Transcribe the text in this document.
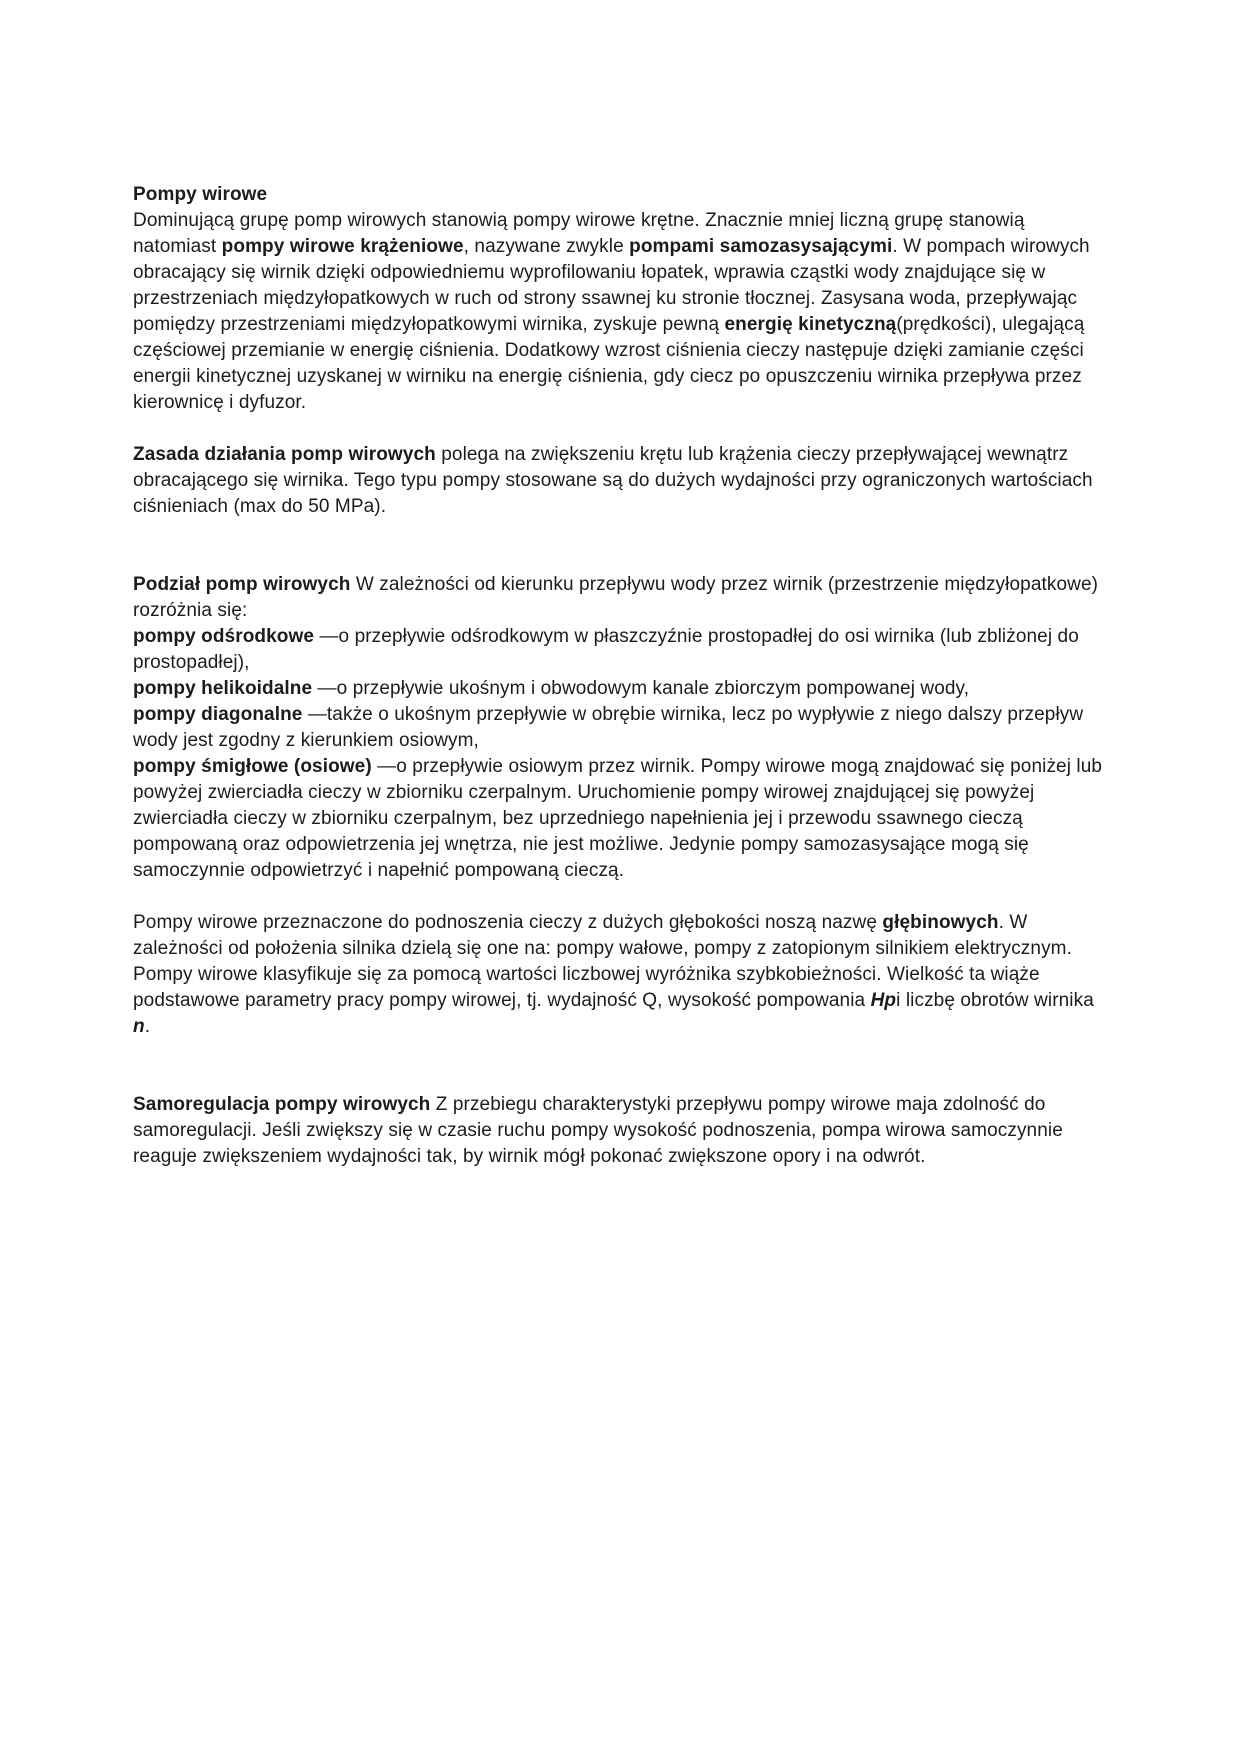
Pompy wirowe

Dominującą grupę pomp wirowych stanowią pompy wirowe krętne. Znacznie mniej liczną grupę stanowią natomiast pompy wirowe krążeniowe, nazywane zwykle pompami samozasysającymi. W pompach wirowych obracający się wirnik dzięki odpowiedniemu wyprofilowaniu łopatek, wprawia cząstki wody znajdujące się w przestrzeniach międzyłopatkowych w ruch od strony ssawnej ku stronie tłocznej. Zasysana woda, przepływając pomiędzy przestrzeniami międzyłopatkowymi wirnika, zyskuje pewną energię kinetyczną(prędkości), ulegającą częściowej przemianie w energię ciśnienia. Dodatkowy wzrost ciśnienia cieczy następuje dzięki zamianie części energii kinetycznej uzyskanej w wirniku na energię ciśnienia, gdy ciecz po opuszczeniu wirnika przepływa przez kierownicę i dyfuzor.

Zasada działania pomp wirowych polega na zwiększeniu krętu lub krążenia cieczy przepływającej wewnątrz obracającego się wirnika. Tego typu pompy stosowane są do dużych wydajności przy ograniczonych wartościach ciśnieniach (max do 50 MPa).

Podział pomp wirowych W zależności od kierunku przepływu wody przez wirnik (przestrzenie międzyłopatkowe) rozróżnia się:

pompy odśrodkowe —o przepływie odśrodkowym w płaszczyźnie prostopadłej do osi wirnika (lub zbliżonej do prostopadłej),

pompy helikoidalne —o przepływie ukośnym i obwodowym kanale zbiorczym pompowanej wody,

pompy diagonalne —także o ukośnym przepływie w obrębie wirnika, lecz po wypływie z niego dalszy przepływ wody jest zgodny z kierunkiem osiowym,

pompy śmigłowe (osiowe) —o przepływie osiowym przez wirnik. Pompy wirowe mogą znajdować się poniżej lub powyżej zwierciadła cieczy w zbiorniku czerpalnym. Uruchomienie pompy wirowej znajdującej się powyżej zwierciadła cieczy w zbiorniku czerpalnym, bez uprzedniego napełnienia jej i przewodu ssawnego cieczą pompowaną oraz odpowietrzenia jej wnętrza, nie jest możliwe. Jedynie pompy samozasysające mogą się samoczynnie odpowietrzyć i napełnić pompowaną cieczą.

Pompy wirowe przeznaczone do podnoszenia cieczy z dużych głębokości noszą nazwę głębinowych. W zależności od położenia silnika dzielą się one na: pompy wałowe, pompy z zatopionym silnikiem elektrycznym. Pompy wirowe klasyfikuje się za pomocą wartości liczbowej wyróżnika szybkobieżności. Wielkość ta wiąże podstawowe parametry pracy pompy wirowej, tj. wydajność Q, wysokość pompowania Hpi liczbę obrotów wirnika n.

Samoregulacja pompy wirowych Z przebiegu charakterystyki przepływu pompy wirowe maja zdolność do samoregulacji. Jeśli zwiększy się w czasie ruchu pompy wysokość podnoszenia, pompa wirowa samoczynnie reaguje zwiększeniem wydajności tak, by wirnik mógł pokonać zwiększone opory i na odwrót.
